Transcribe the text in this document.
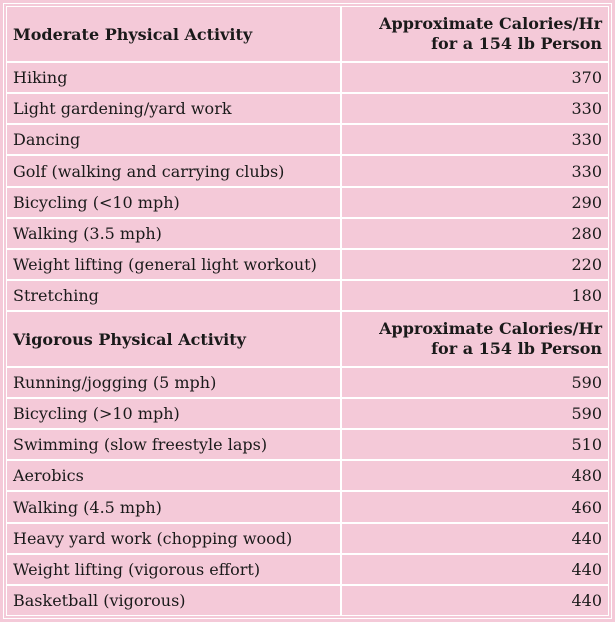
Moderate Physical Activity	Approximate Calories/Hr
for a 154 lb Person
Hiking	370
Light gardening/yard work	330
Dancing	330
Golf (walking and carrying clubs)	330
Bicycling (<10 mph)	290
Walking (3.5 mph)	280
Weight lifting (general light workout)	220
Stretching	180
Vigorous Physical Activity	Approximate Calories/Hr
for a 154 lb Person
Running/jogging (5 mph)	590
Bicycling (>10 mph)	590
Swimming (slow freestyle laps)	510
Aerobics	480
Walking (4.5 mph)	460
Heavy yard work (chopping wood)	440
Weight lifting (vigorous effort)	440
Basketball (vigorous)	440
